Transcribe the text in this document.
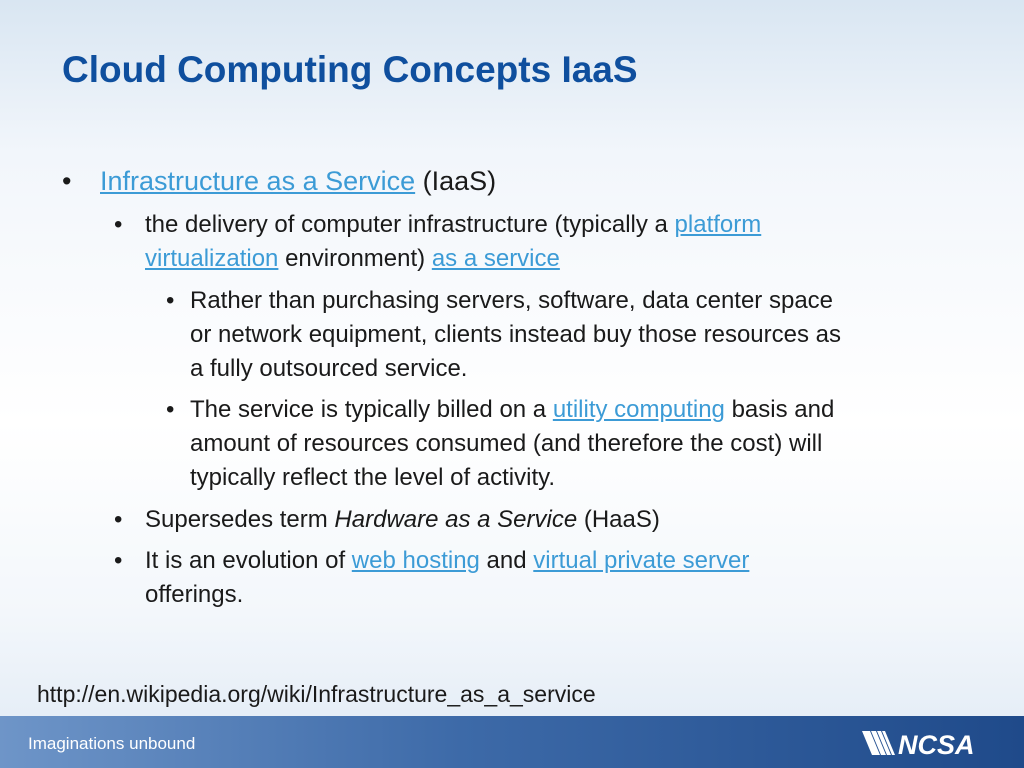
Cloud Computing Concepts IaaS
• Infrastructure as a Service (IaaS)
• the delivery of computer infrastructure (typically a platform
virtualization environment) as a service
• Rather than purchasing servers, software, data center space
or network equipment, clients instead buy those resources as
a fully outsourced service.
• The service is typically billed on a utility computing basis and
amount of resources consumed (and therefore the cost) will
typically reflect the level of activity.
• Supersedes term Hardware as a Service (HaaS)
• It is an evolution of web hosting and virtual private server
offerings.
http://en.wikipedia.org/wiki/Infrastructure_as_a_service
Imaginations unbound	NCSA
